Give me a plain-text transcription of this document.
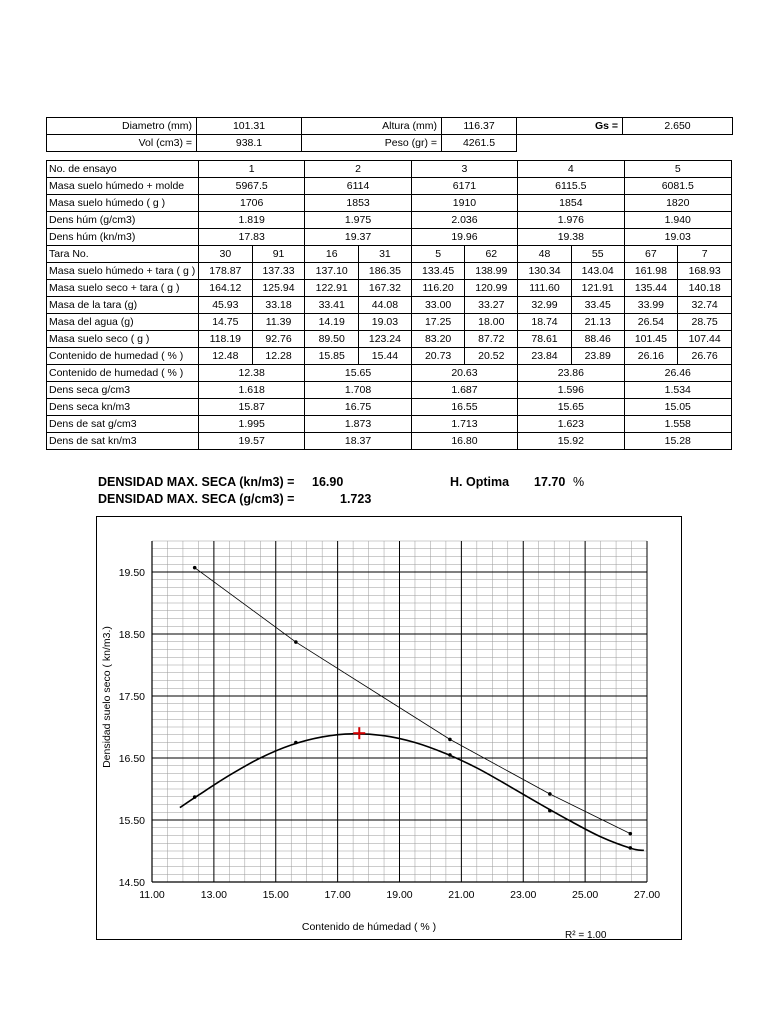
Diametro (mm)	101.31	Altura (mm)	116.37	Gs =	2.650
Vol (cm3) =	938.1	Peso (gr) =	4261.5		
No. de ensayo	1		2		3		4		5	
Masa suelo húmedo + molde	5967.5		6114		6171		6115.5		6081.5	
Masa suelo húmedo ( g )	1706		1853		1910		1854		1820	
Dens húm (g/cm3)	1.819		1.975		2.036		1.976		1.940	
Dens húm (kn/m3)	17.83		19.37		19.96		19.38		19.03	
Tara No.	30	91	16	31	5	62	48	55	67	7
Masa suelo húmedo + tara ( g )	178.87	137.33	137.10	186.35	133.45	138.99	130.34	143.04	161.98	168.93
Masa suelo seco + tara ( g )	164.12	125.94	122.91	167.32	116.20	120.99	111.60	121.91	135.44	140.18
Masa de la tara (g)	45.93	33.18	33.41	44.08	33.00	33.27	32.99	33.45	33.99	32.74
Masa del agua (g)	14.75	11.39	14.19	19.03	17.25	18.00	18.74	21.13	26.54	28.75
Masa suelo seco ( g )	118.19	92.76	89.50	123.24	83.20	87.72	78.61	88.46	101.45	107.44
Contenido de humedad ( % )	12.48	12.28	15.85	15.44	20.73	20.52	23.84	23.89	26.16	26.76
Contenido de humedad ( % )	12.38		15.65		20.63		23.86		26.46	
Dens seca g/cm3	1.618		1.708		1.687		1.596		1.534	
Dens seca kn/m3	15.87		16.75		16.55		15.65		15.05	
Dens de sat g/cm3	1.995		1.873		1.713		1.623		1.558	
Dens de sat kn/m3	19.57		18.37		16.80		15.92		15.28	
DENSIDAD MAX. SECA (kn/m3) = 16.90	H. Optima 17.70 %
DENSIDAD MAX. SECA (g/cm3) =	1.723
11.00	13.00	15.00	17.00	19.00	21.00	23.00	25.00	27.00
14.50
15.50
16.50
17.50
18.50
19.50
Contenido de húmedad ( % )
R² = 1.00
Densidad suelo seco ( kn/m3.)
